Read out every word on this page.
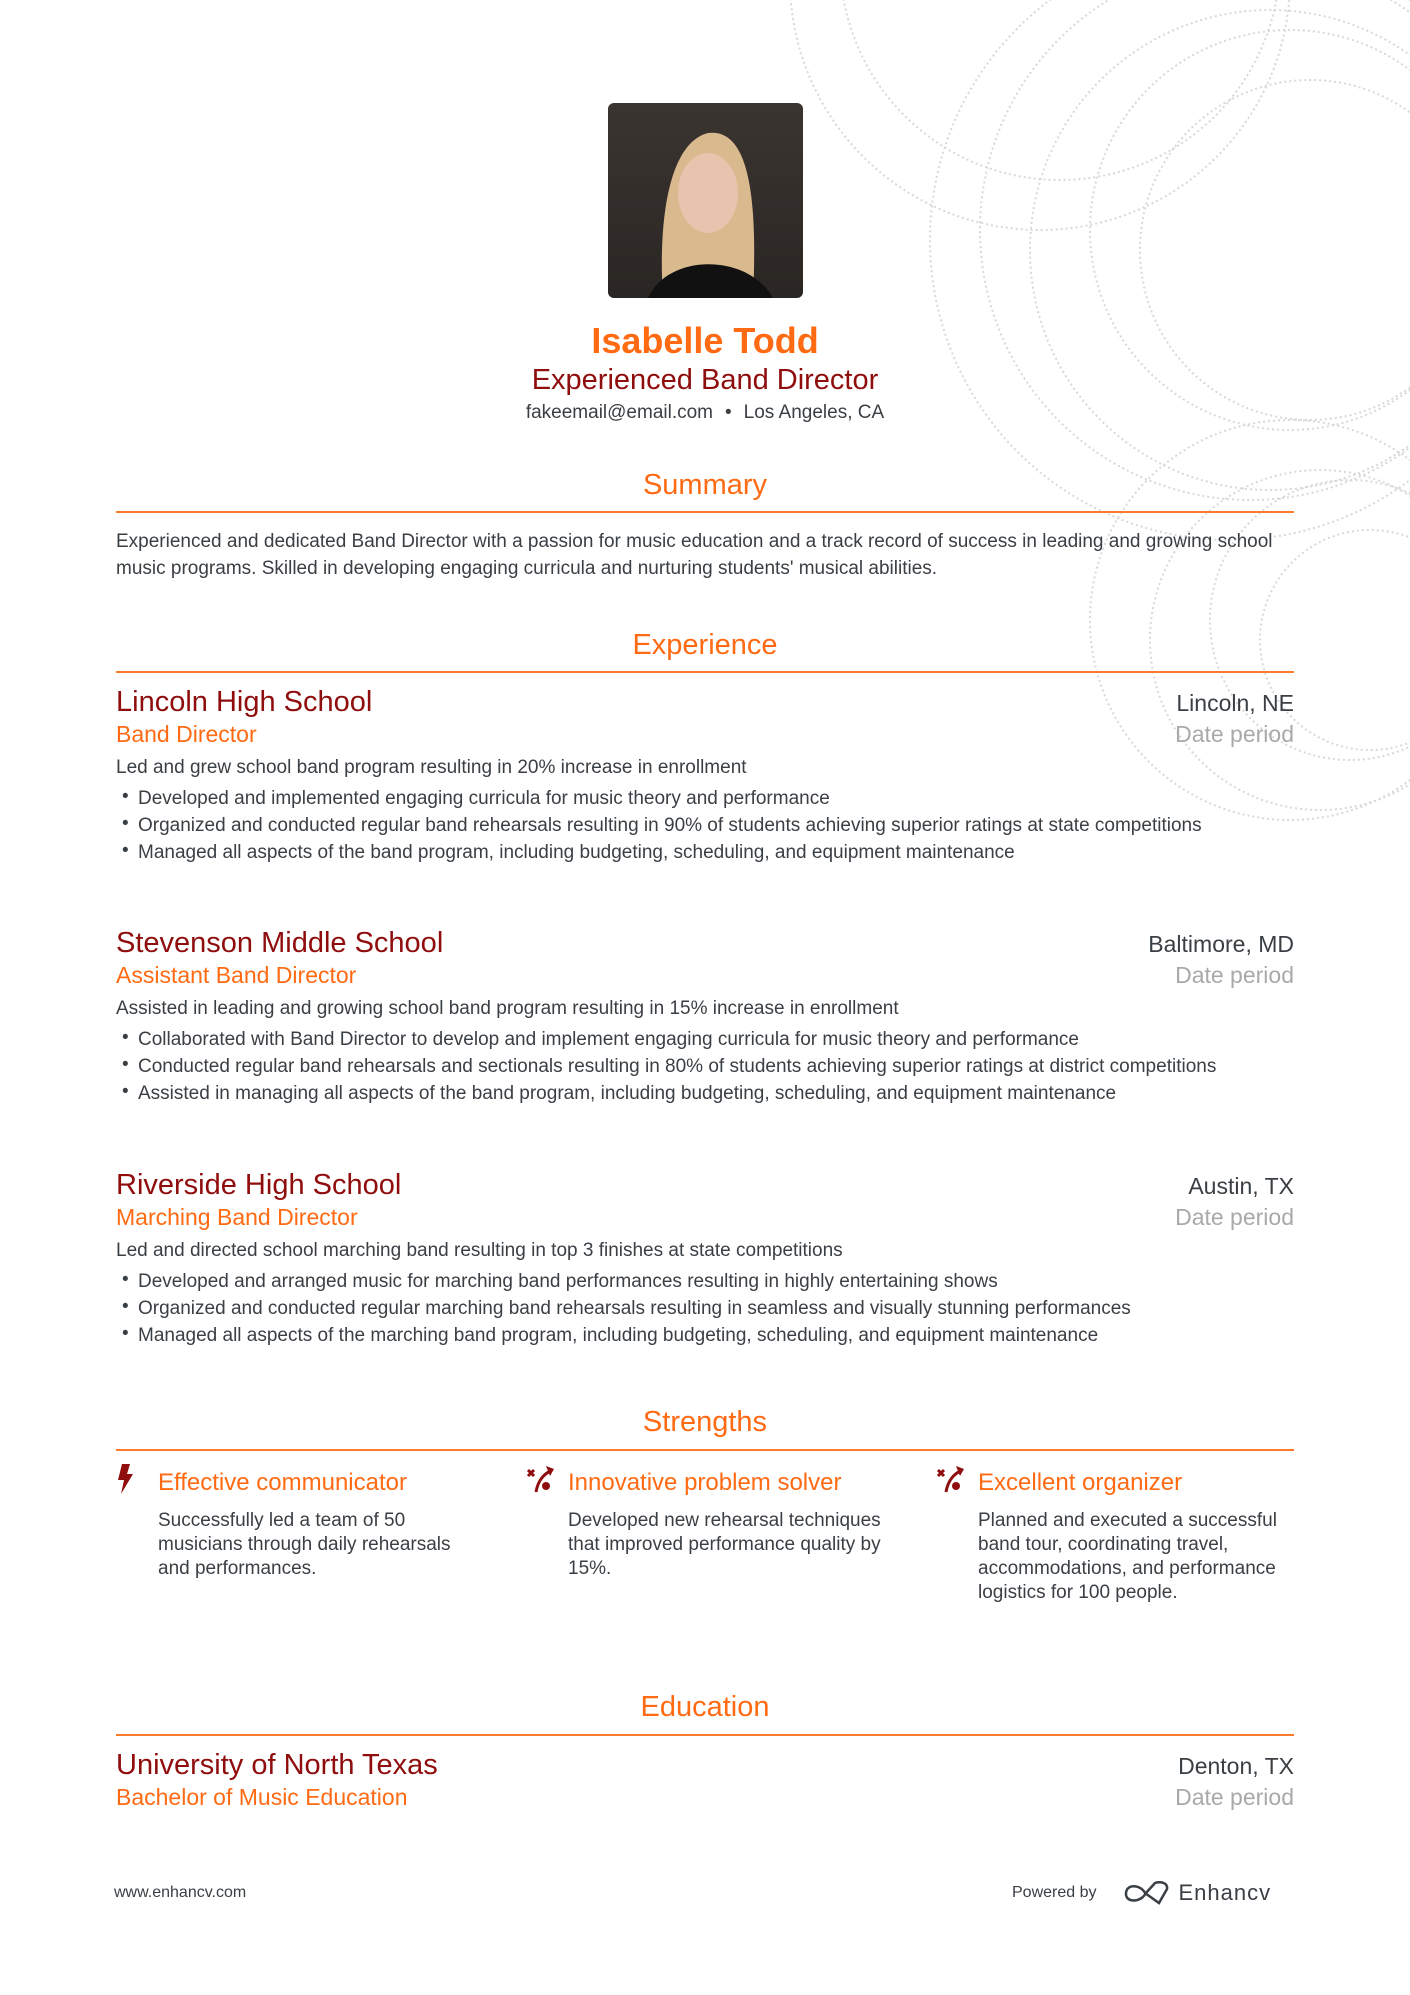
Isabelle Todd
Experienced Band Director
fakeemail@email.com • Los Angeles, CA
Summary
Experienced and dedicated Band Director with a passion for music education and a track record of success in leading and growing school music programs. Skilled in developing engaging curricula and nurturing students' musical abilities.
Experience
Lincoln High School	Lincoln, NE
Band Director	Date period
Led and grew school band program resulting in 20% increase in enrollment
• Developed and implemented engaging curricula for music theory and performance
• Organized and conducted regular band rehearsals resulting in 90% of students achieving superior ratings at state competitions
• Managed all aspects of the band program, including budgeting, scheduling, and equipment maintenance
Stevenson Middle School	Baltimore, MD
Assistant Band Director	Date period
Assisted in leading and growing school band program resulting in 15% increase in enrollment
• Collaborated with Band Director to develop and implement engaging curricula for music theory and performance
• Conducted regular band rehearsals and sectionals resulting in 80% of students achieving superior ratings at district competitions
• Assisted in managing all aspects of the band program, including budgeting, scheduling, and equipment maintenance
Riverside High School	Austin, TX
Marching Band Director	Date period
Led and directed school marching band resulting in top 3 finishes at state competitions
• Developed and arranged music for marching band performances resulting in highly entertaining shows
• Organized and conducted regular marching band rehearsals resulting in seamless and visually stunning performances
• Managed all aspects of the marching band program, including budgeting, scheduling, and equipment maintenance
Strengths
Effective communicator
Successfully led a team of 50 musicians through daily rehearsals and performances.
Innovative problem solver
Developed new rehearsal techniques that improved performance quality by 15%.
Excellent organizer
Planned and executed a successful band tour, coordinating travel, accommodations, and performance logistics for 100 people.
Education
University of North Texas	Denton, TX
Bachelor of Music Education	Date period
www.enhancv.com	Powered by	Enhancv
